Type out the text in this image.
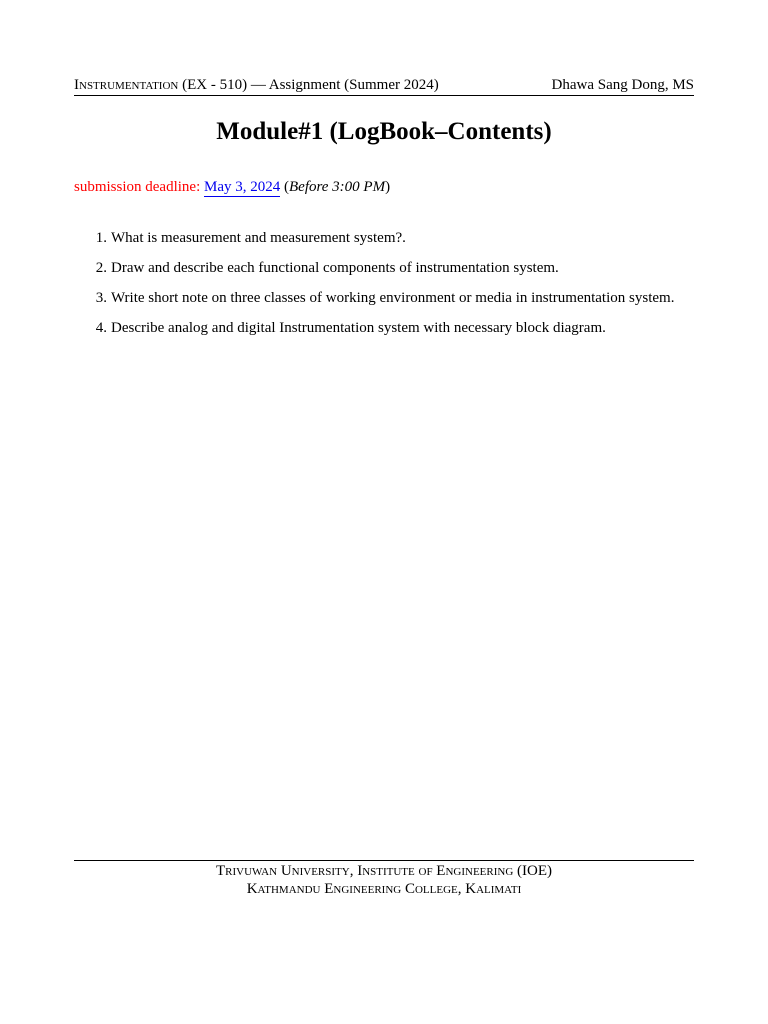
Instrumentation (EX - 510) — Assignment (Summer 2024)	Dhawa Sang Dong, MS
Module#1 (LogBook–Contents)
submission deadline: May 3, 2024 (Before 3:00 PM)
1. What is measurement and measurement system?.
2. Draw and describe each functional components of instrumentation system.
3. Write short note on three classes of working environment or media in instrumentation system.
4. Describe analog and digital Instrumentation system with necessary block diagram.
Trivuwan University, Institute of Engineering (IOE)
Kathmandu Engineering College, Kalimati
